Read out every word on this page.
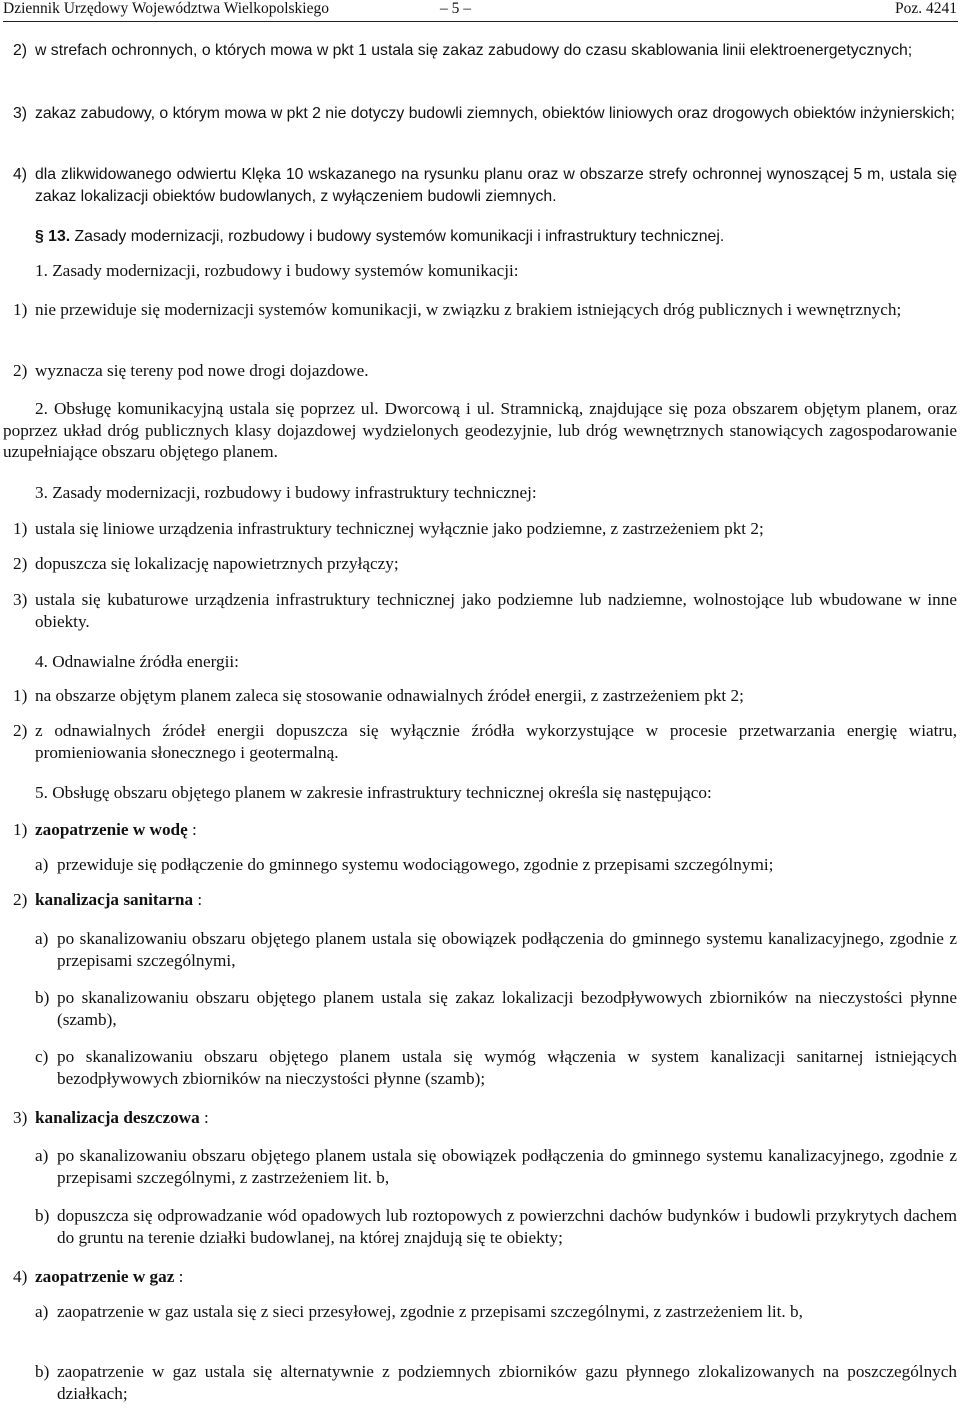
Dziennik Urzędowy Województwa Wielkopolskiego	– 5 –	Poz. 4241
2) w strefach ochronnych, o których mowa w pkt 1 ustala się zakaz zabudowy do czasu skablowania linii elektroenergetycznych;
3) zakaz zabudowy, o którym mowa w pkt 2 nie dotyczy budowli ziemnych, obiektów liniowych oraz drogowych obiektów inżynierskich;
4) dla zlikwidowanego odwiertu Klęka 10 wskazanego na rysunku planu oraz w obszarze strefy ochronnej wynoszącej 5 m, ustala się zakaz lokalizacji obiektów budowlanych, z wyłączeniem budowli ziemnych.
§ 13. Zasady modernizacji, rozbudowy i budowy systemów komunikacji i infrastruktury technicznej.
1. Zasady modernizacji, rozbudowy i budowy systemów komunikacji:
1) nie przewiduje się modernizacji systemów komunikacji, w związku z brakiem istniejących dróg publicznych i wewnętrznych;
2) wyznacza się tereny pod nowe drogi dojazdowe.
2. Obsługę komunikacyjną ustala się poprzez ul. Dworcową i ul. Stramnicką, znajdujące się poza obszarem objętym planem, oraz poprzez układ dróg publicznych klasy dojazdowej wydzielonych geodezyjnie, lub dróg wewnętrznych stanowiących zagospodarowanie uzupełniające obszaru objętego planem.
3. Zasady modernizacji, rozbudowy i budowy infrastruktury technicznej:
1) ustala się liniowe urządzenia infrastruktury technicznej wyłącznie jako podziemne, z zastrzeżeniem pkt 2;
2) dopuszcza się lokalizację napowietrznych przyłączy;
3) ustala się kubaturowe urządzenia infrastruktury technicznej jako podziemne lub nadziemne, wolnostojące lub wbudowane w inne obiekty.
4. Odnawialne źródła energii:
1) na obszarze objętym planem zaleca się stosowanie odnawialnych źródeł energii, z zastrzeżeniem pkt 2;
2) z odnawialnych źródeł energii dopuszcza się wyłącznie źródła wykorzystujące w procesie przetwarzania energię wiatru, promieniowania słonecznego i geotermalną.
5. Obsługę obszaru objętego planem w zakresie infrastruktury technicznej określa się następująco:
1) zaopatrzenie w wodę :
a) przewiduje się podłączenie do gminnego systemu wodociągowego, zgodnie z przepisami szczególnymi;
2) kanalizacja sanitarna :
a) po skanalizowaniu obszaru objętego planem ustala się obowiązek podłączenia do gminnego systemu kanalizacyjnego, zgodnie z przepisami szczególnymi,
b) po skanalizowaniu obszaru objętego planem ustala się zakaz lokalizacji bezodpływowych zbiorników na nieczystości płynne (szamb),
c) po skanalizowaniu obszaru objętego planem ustala się wymóg włączenia w system kanalizacji sanitarnej istniejących bezodpływowych zbiorników na nieczystości płynne (szamb);
3) kanalizacja deszczowa :
a) po skanalizowaniu obszaru objętego planem ustala się obowiązek podłączenia do gminnego systemu kanalizacyjnego, zgodnie z przepisami szczególnymi, z zastrzeżeniem lit. b,
b) dopuszcza się odprowadzanie wód opadowych lub roztopowych z powierzchni dachów budynków i budowli przykrytych dachem do gruntu na terenie działki budowlanej, na której znajdują się te obiekty;
4) zaopatrzenie w gaz :
a) zaopatrzenie w gaz ustala się z sieci przesyłowej, zgodnie z przepisami szczególnymi, z zastrzeżeniem lit. b,
b) zaopatrzenie w gaz ustala się alternatywnie z podziemnych zbiorników gazu płynnego zlokalizowanych na poszczególnych działkach;
